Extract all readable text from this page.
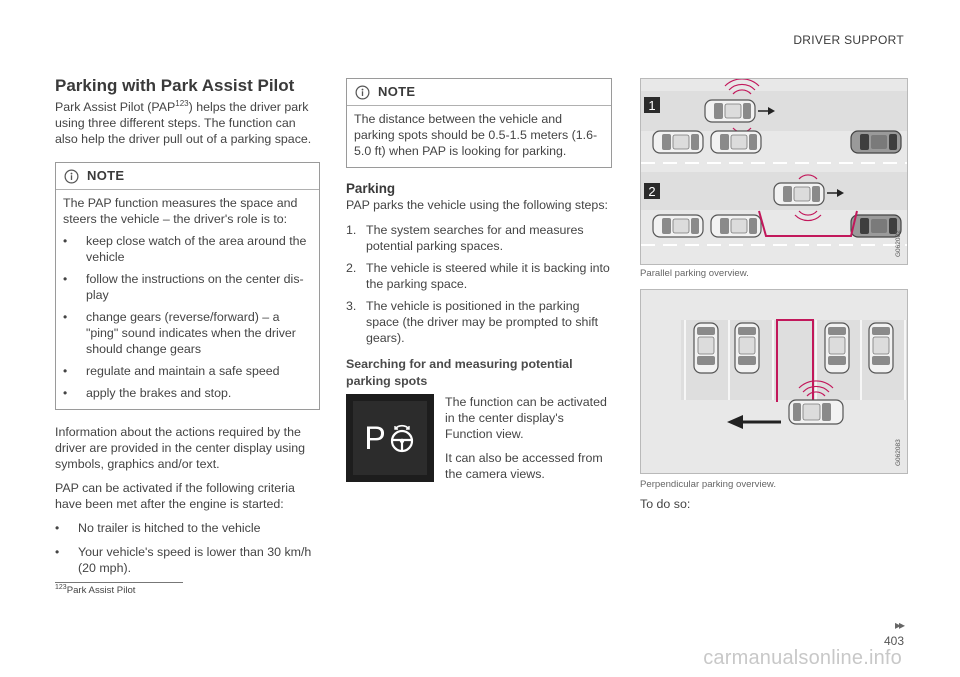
DRIVER SUPPORT
Parking with Park Assist Pilot

Park Assist Pilot (PAP$^{123}$) helps the driver park using three different steps. The function can also help the driver pull out of a parking space.

NOTE

The PAP function measures the space and steers the vehicle – the driver's role is to:

•	keep close watch of the area around the vehicle
•	follow the instructions on the center dis-play
•	change gears (reverse/forward) – a "ping" sound indicates when the driver should change gears
•	regulate and maintain a safe speed
•	apply the brakes and stop.

Information about the actions required by the driver are provided in the center display using symbols, graphics and/or text.

PAP can be activated if the following criteria have been met after the engine is started:

•	No trailer is hitched to the vehicle
•	Your vehicle's speed is lower than 30 km/h (20 mph).
NOTE

The distance between the vehicle and parking spots should be 0.5-1.5 meters (1.6-5.0 ft) when PAP is looking for parking.

Parking

PAP parks the vehicle using the following steps:

1. The system searches for and measures potential parking spaces.
2. The vehicle is steered while it is backing into the parking space.
3. The vehicle is positioned in the parking space (the driver may be prompted to shift gears).
Searching for and measuring potential parking spots
P

The function can be activated in the center display's Function view.

It can also be accessed from the camera views.

1
2
G062082
Parallel parking overview.
G062083
Perpendicular parking overview.
To do so:
$^{123}$Park Assist Pilot
▸▸
403
carmanualsonline.info
